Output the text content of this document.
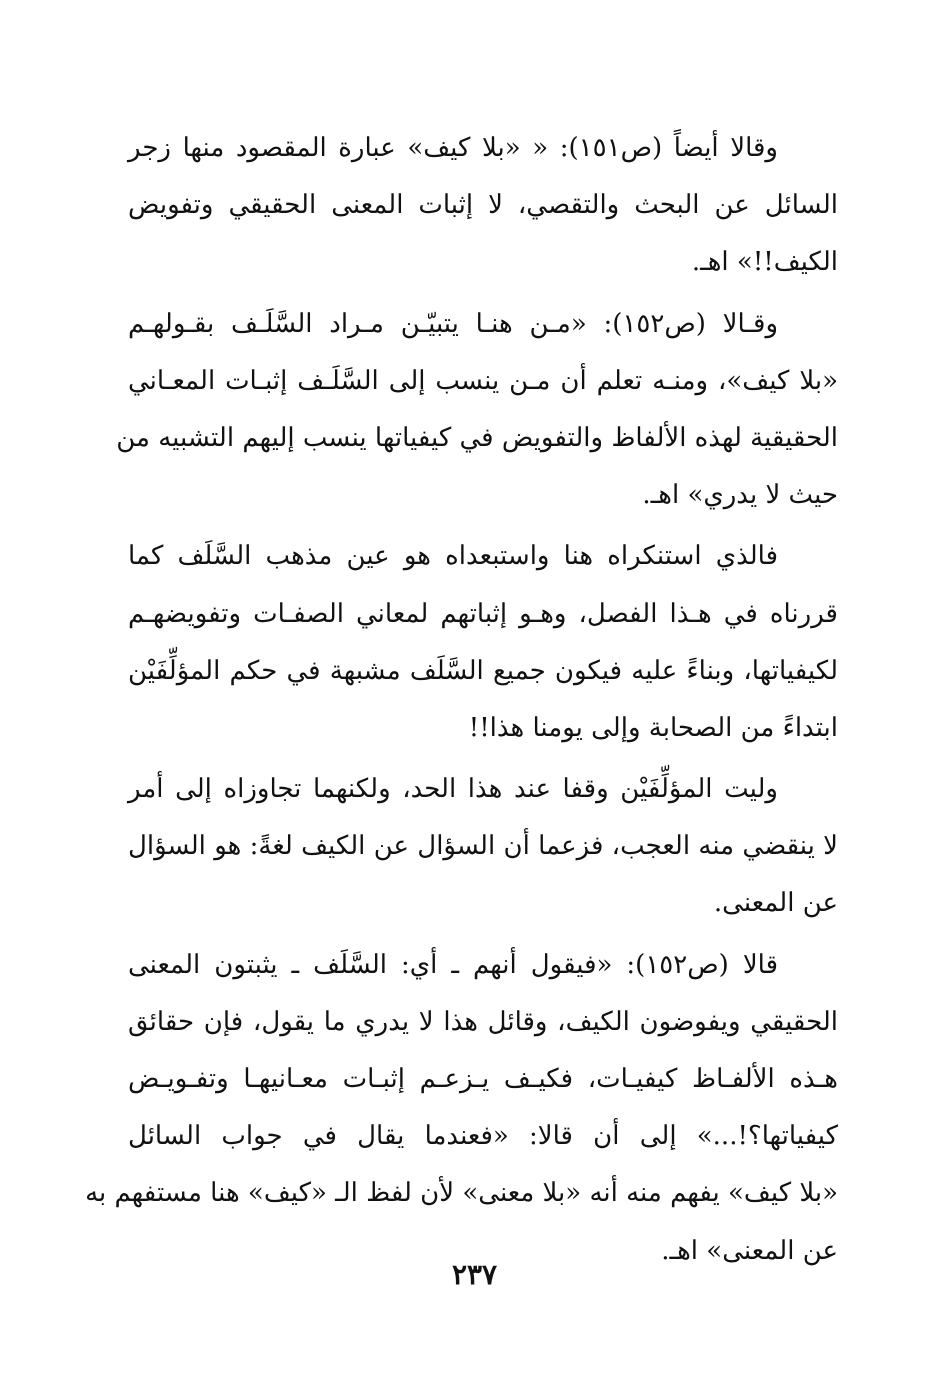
وقالا أيضاً (ص١٥١): « «بلا كيف» عبارة المقصود منها زجر
السائل عن البحث والتقصي، لا إثبات المعنى الحقيقي وتفويض
الكيف!!» اهـ.

وقـالا (ص١٥٢): «مـن هنـا يتبيّـن مـراد السَّلَـف بقـولهـم
«بلا كيف»، ومنـه تعلم أن مـن ينسب إلى السَّلَـف إثبـات المعـاني
الحقيقية لهذه الألفاظ والتفويض في كيفياتها ينسب إليهم التشبيه من
حيث لا يدري» اهـ.

فالذي استنكراه هنا واستبعداه هو عين مذهب السَّلَف كما
قررناه في هـذا الفصل، وهـو إثباتهم لمعاني الصفـات وتفويضهـم
لكيفياتها، وبناءً عليه فيكون جميع السَّلَف مشبهة في حكم المؤلِّفَيْن
ابتداءً من الصحابة وإلى يومنا هذا!!

وليت المؤلِّفَيْن وقفا عند هذا الحد، ولكنهما تجاوزاه إلى أمر
لا ينقضي منه العجب، فزعما أن السؤال عن الكيف لغةً: هو السؤال
عن المعنى.

قالا (ص١٥٢): «فيقول أنهم ـ أي: السَّلَف ـ يثبتون المعنى
الحقيقي ويفوضون الكيف، وقائل هذا لا يدري ما يقول، فإن حقائق
هـذه الألفـاظ كيفيـات، فكيـف يـزعـم إثبـات معـانيهـا وتفـويـض
كيفياتها؟!...» إلى أن قالا: «فعندما يقال في جواب السائل
«بلا كيف» يفهم منه أنه «بلا معنى» لأن لفظ الـ «كيف» هنا مستفهم به
عن المعنى» اهـ.

٢٣٧
